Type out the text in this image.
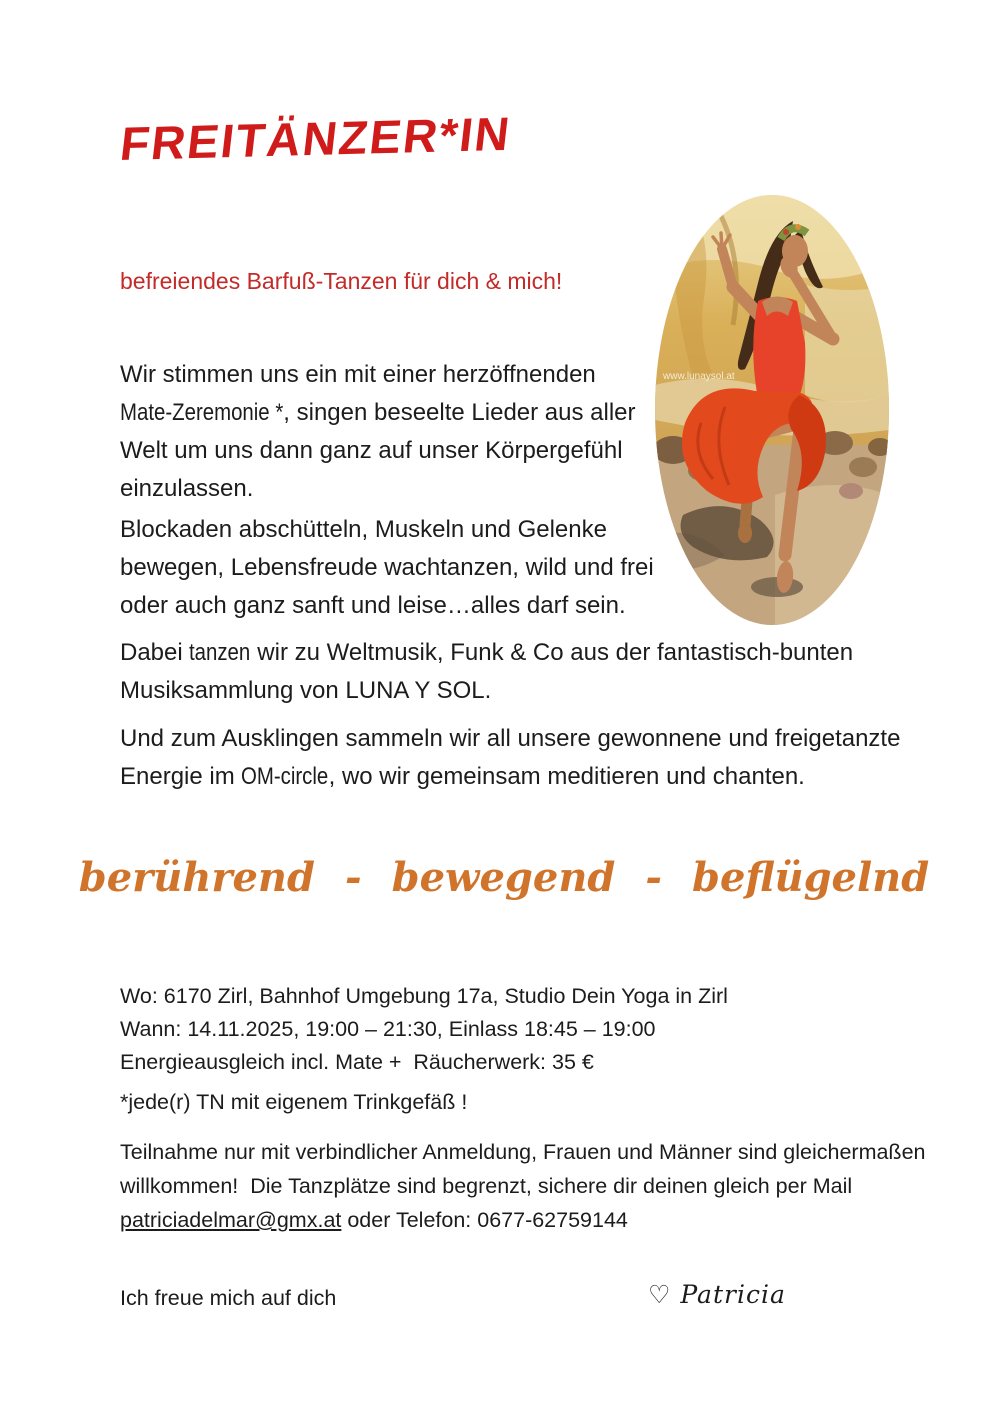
FREITÄNZER*IN
www.lunaysol.at
befreiendes Barfuß-Tanzen für dich & mich!
Wir stimmen uns ein mit einer herzöffnenden
Mate-Zeremonie *, singen beseelte Lieder aus aller
Welt um uns dann ganz auf unser Körpergefühl
einzulassen.
Blockaden abschütteln, Muskeln und Gelenke
bewegen, Lebensfreude wachtanzen, wild und frei
oder auch ganz sanft und leise…alles darf sein.
Dabei tanzen wir zu Weltmusik, Funk & Co aus der fantastisch-bunten
Musiksammlung von LUNA Y SOL.
Und zum Ausklingen sammeln wir all unsere gewonnene und freigetanzte
Energie im OM-circle, wo wir gemeinsam meditieren und chanten.
berührend - bewegend - beflügelnd
Wo: 6170 Zirl, Bahnhof Umgebung 17a, Studio Dein Yoga in Zirl
Wann: 14.11.2025, 19:00 – 21:30, Einlass 18:45 – 19:00
Energieausgleich incl. Mate +  Räucherwerk: 35 €
*jede(r) TN mit eigenem Trinkgefäß !
Teilnahme nur mit verbindlicher Anmeldung, Frauen und Männer sind gleichermaßen
willkommen!  Die Tanzplätze sind begrenzt, sichere dir deinen gleich per Mail
patriciadelmar@gmx.at oder Telefon: 0677-62759144
Ich freue mich auf dich	♡ Patricia
